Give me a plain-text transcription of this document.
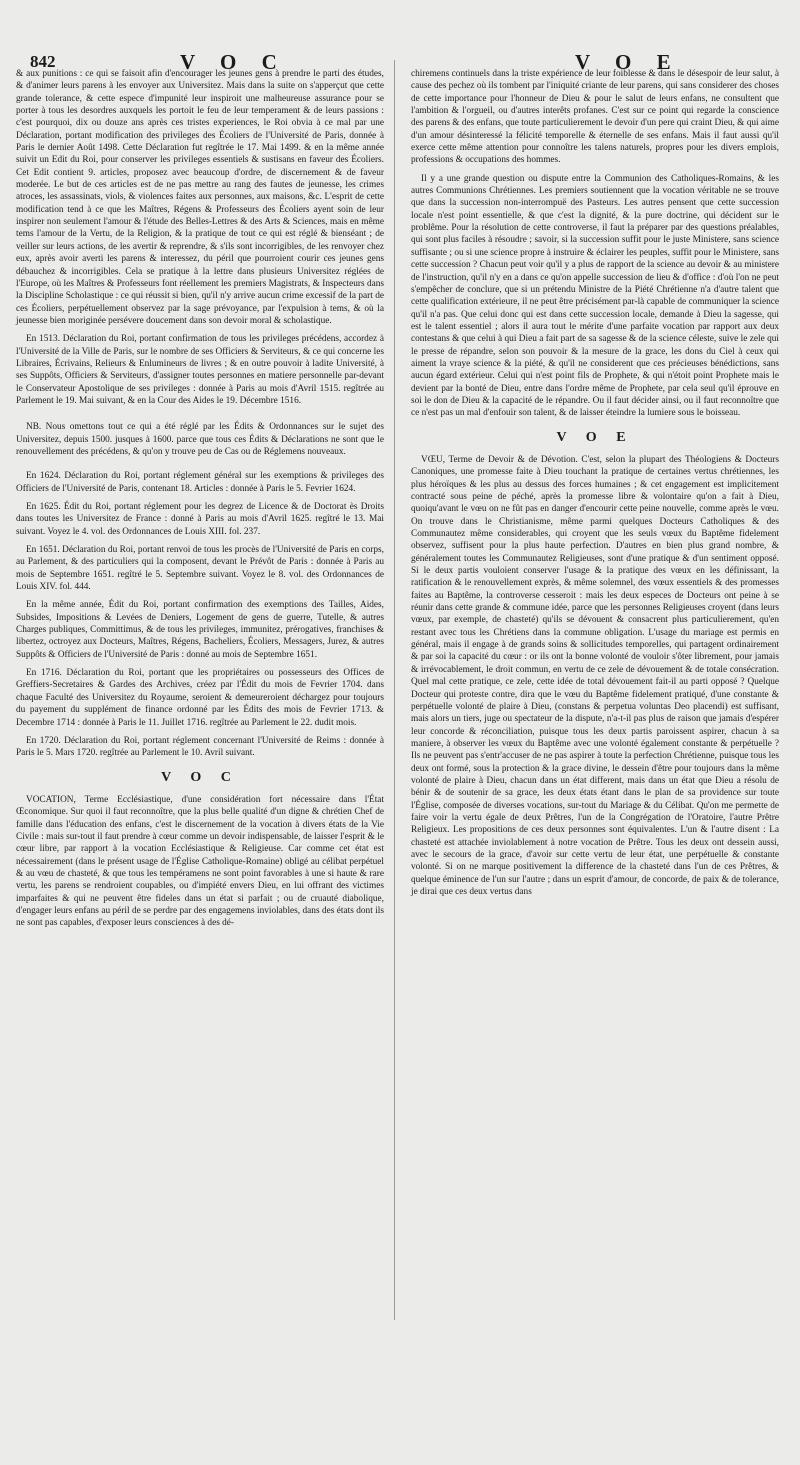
842	V O C	V O E

& aux punitions : ce qui se faisoit afin d'encourager les jeunes gens à prendre le parti des études, & d'animer leurs parens à les envoyer aux Universitez. Mais dans la suite on s'apperçut que cette grande tolerance, & cette espece d'impunité leur inspiroit une malheureuse assurance pour se porter à tous les desordres auxquels les portoit le feu de leur temperament & de leurs passions : c'est pourquoi, dix ou douze ans après ces tristes experiences, le Roi obvia à ce mal par une Déclaration, portant modification des privileges des Écoliers de l'Université de Paris, donnée à Paris le dernier Août 1498. Cette Déclaration fut regîtrée le 17. Mai 1499. & en la même année suivit un Edit du Roi, pour conserver les privileges essentiels & sustisans en faveur des Écoliers. Cet Edit contient 9. articles, proposez avec beaucoup d'ordre, de discernement & de faveur moderée. Le but de ces articles est de ne pas mettre au rang des fautes de jeunesse, les crimes atroces, les assassinats, viols, & violences faites aux personnes, aux maisons, &c. L'esprit de cette modification tend à ce que les Maîtres, Régens & Professeurs des Écoliers ayent soin de leur inspirer non seulement l'amour & l'étude des Belles-Lettres & des Arts & Sciences, mais en même tems l'amour de la Vertu, de la Religion, & la pratique de tout ce qui est réglé & bienséant ; de veiller sur leurs actions, de les avertir & reprendre, & s'ils sont incorrigibles, de les renvoyer chez eux, après avoir averti les parens & interessez, du péril que pourroient courir ces jeunes gens débauchez & incorrigibles. Cela se pratique à la lettre dans plusieurs Universitez réglées de l'Europe, où les Maîtres & Professeurs font réellement les premiers Magistrats, & Inspecteurs dans la Discipline Scholastique : ce qui réussit si bien, qu'il n'y arrive aucun crime excessif de la part de ces Écoliers, perpétuellement observez par la sage prévoyance, par l'expulsion à tems, & où la jeunesse bien moriginée persévere doucement dans son devoir moral & scholastique.

En 1513. Déclaration du Roi, portant confirmation de tous les privileges précédens, accordez à l'Université de la Ville de Paris, sur le nombre de ses Officiers & Serviteurs, & ce qui concerne les Libraires, Écrivains, Relieurs & Enlumineurs de livres ; & en outre pouvoir à ladite Université, à ses Suppôts, Officiers & Serviteurs, d'assigner toutes personnes en matiere personnelle par-devant le Conservateur Apostolique de ses privileges : donnée à Paris au mois d'Avril 1515. regîtrée au Parlement le 19. Mai suivant, & en la Cour des Aides le 19. Décembre 1516.

NB. Nous omettons tout ce qui a été réglé par les Édits & Ordonnances sur le sujet des Universitez, depuis 1500. jusques à 1600. parce que tous ces Édits & Déclarations ne sont que le renouvellement des précédens, & qu'on y trouve peu de Cas ou de Réglemens nouveaux.

En 1624. Déclaration du Roi, portant réglement général sur les exemptions & privileges des Officiers de l'Université de Paris, contenant 18. Articles : donnée à Paris le 5. Fevrier 1624.

En 1625. Édit du Roi, portant réglement pour les degrez de Licence & de Doctorat ès Droits dans toutes les Universitez de France : donné à Paris au mois d'Avril 1625. regîtré le 13. Mai suivant. Voyez le 4. vol. des Ordonnances de Louis XIII. fol. 237.

En 1651. Déclaration du Roi, portant renvoi de tous les procès de l'Université de Paris en corps, au Parlement, & des particuliers qui la composent, devant le Prévôt de Paris : donnée à Paris au mois de Septembre 1651. regîtré le 5. Septembre suivant. Voyez le 8. vol. des Ordonnances de Louis XIV. fol. 444.

En la même année, Édit du Roi, portant confirmation des exemptions des Tailles, Aides, Subsides, Impositions & Levées de Deniers, Logement de gens de guerre, Tutelle, & autres Charges publiques, Committimus, & de tous les privileges, immunitez, prérogatives, franchises & libertez, octroyez aux Docteurs, Maîtres, Régens, Bacheliers, Écoliers, Messagers, Jurez, & autres Suppôts & Officiers de l'Université de Paris : donné au mois de Septembre 1651.

En 1716. Déclaration du Roi, portant que les propriétaires ou possesseurs des Offices de Greffiers-Secretaires & Gardes des Archives, créez par l'Édit du mois de Fevrier 1704. dans chaque Faculté des Universitez du Royaume, seroient & demeureroient déchargez pour toujours du payement du supplément de finance ordonné par les Édits des mois de Fevrier 1713. & Decembre 1714 : donnée à Paris le 11. Juillet 1716. regîtrée au Parlement le 22. dudit mois.

En 1720. Déclaration du Roi, portant réglement concernant l'Université de Reims : donnée à Paris le 5. Mars 1720. regîtrée au Parlement le 10. Avril suivant.

V O C

VOCATION, Terme Ecclésiastique, d'une considération fort nécessaire dans l'État Œconomique. Sur quoi il faut reconnoître, que la plus belle qualité d'un digne & chrétien Chef de famille dans l'éducation des enfans, c'est le discernement de la vocation à divers états de la Vie Civile : mais sur-tout il faut prendre à cœur comme un devoir indispensable, de laisser l'esprit & le cœur libre, par rapport à la vocation Ecclésiastique & Religieuse. Car comme cet état est nécessairement (dans le présent usage de l'Église Catholique-Romaine) obligé au célibat perpétuel & au vœu de chasteté, & que tous les tempéramens ne sont point favorables à une si haute & rare vertu, les parens se rendroient coupables, ou d'impiété envers Dieu, en lui offrant des victimes imparfaites & qui ne peuvent être fideles dans un état si parfait ; ou de cruauté diabolique, d'engager leurs enfans au péril de se perdre par des engagemens inviolables, dans des états dont ils ne sont pas capables, d'exposer leurs consciences à des dé-

chiremens continuels dans la triste expérience de leur foiblesse & dans le désespoir de leur salut, à cause des pechez où ils tombent par l'iniquité criante de leur parens, qui sans considerer des choses de cette importance pour l'honneur de Dieu & pour le salut de leurs enfans, ne consultent que l'ambition & l'orgueil, ou d'autres interêts profanes. C'est sur ce point qui regarde la conscience des parens & des enfans, que toute particulierement le devoir d'un pere qui craint Dieu, & qui aime d'un amour désinteressé la félicité temporelle & éternelle de ses enfans. Mais il faut aussi qu'il exerce cette même attention pour connoître les talens naturels, propres pour les divers emplois, professions & occupations des hommes.

Il y a une grande question ou dispute entre la Communion des Catholiques-Romains, & les autres Communions Chrétiennes. Les premiers soutiennent que la vocation véritable ne se trouve que dans la succession non-interrompuë des Pasteurs. Les autres pensent que cette succession locale n'est point essentielle, & que c'est la dignité, & la pure doctrine, qui décident sur le problême. Pour la résolution de cette controverse, il faut la préparer par des questions préalables, qui sont plus faciles à résoudre ; savoir, si la succession suffit pour le juste Ministere, sans science suffisante ; ou si une science propre à instruire & éclairer les peuples, suffit pour le Ministere, sans cette succession ? Chacun peut voir qu'il y a plus de rapport de la science au devoir & au ministere de l'instruction, qu'il n'y en a dans ce qu'on appelle succession de lieu & d'office : d'où l'on ne peut s'empêcher de conclure, que si un prétendu Ministre de la Piété Chrétienne n'a d'autre talent que cette qualification extérieure, il ne peut être précisément par-là capable de communiquer la science qu'il n'a pas. Que celui donc qui est dans cette succession locale, demande à Dieu la sagesse, qui est le talent essentiel ; alors il aura tout le mérite d'une parfaite vocation par rapport aux deux contestans & que celui à qui Dieu a fait part de sa sagesse & de la science céleste, suive le zele qui le presse de répandre, selon son pouvoir & la mesure de la grace, les dons du Ciel à ceux qui aiment la vraye science & la piété, & qu'il ne considerent que ces précieuses bénédictions, sans aucun égard extérieur. Celui qui n'est point fils de Prophete, & qui n'étoit point Prophete mais le devient par la bonté de Dieu, entre dans l'ordre même de Prophete, par cela seul qu'il éprouve en soi le don de Dieu & la capacité de le répandre. Ou il faut décider ainsi, ou il faut reconnoître que ce n'est pas un mal d'enfouir son talent, & de laisser éteindre la lumiere sous le boisseau.

V O E

VŒU, Terme de Devoir & de Dévotion. C'est, selon la plupart des Théologiens & Docteurs Canoniques, une promesse faite à Dieu touchant la pratique de certaines vertus chrétiennes, les plus héroïques & les plus au dessus des forces humaines ; & cet engagement est implicitement contracté sous peine de péché, après la promesse libre & volontaire qu'on a fait à Dieu, quoiqu'avant le vœu on ne fût pas en danger d'encourir cette peine nouvelle, comme après le vœu. On trouve dans le Christianisme, même parmi quelques Docteurs Catholiques & des Communautez même considerables, qui croyent que les seuls vœux du Baptême fidelement observez, suffisent pour la plus haute perfection. D'autres en bien plus grand nombre, & généralement toutes les Communautez Religieuses, sont d'une pratique & d'un sentiment opposé. Si le deux partis vouloient conserver l'usage & la pratique des vœux en les définissant, la ratification & le renouvellement exprès, & même solemnel, des vœux essentiels & des promesses faites au Baptême, la controverse cesseroit : mais les deux especes de Docteurs ont peine à se réunir dans cette grande & commune idée, parce que les personnes Religieuses croyent (dans leurs vœux, par exemple, de chasteté) qu'ils se dévouent & consacrent plus particulierement, qu'en restant avec tous les Chrétiens dans la commune obligation. L'usage du mariage est permis en général, mais il engage à de grands soins & sollicitudes temporelles, qui partagent ordinairement & par soi la capacité du cœur : or ils ont la bonne volonté de vouloir s'ôter librement, pour jamais & irrévocablement, le droit commun, en vertu de ce zele de dévouement & de totale consécration. Quel mal cette pratique, ce zele, cette idée de total dévouement fait-il au parti opposé ? Quelque Docteur qui proteste contre, dira que le vœu du Baptême fidelement pratiqué, d'une constante & perpétuelle volonté de plaire à Dieu, (constans & perpetua voluntas Deo placendi) est suffisant, mais alors un tiers, juge ou spectateur de la dispute, n'a-t-il pas plus de raison que jamais d'espérer leur concorde & réconciliation, puisque tous les deux partis paroissent aspirer, chacun à sa maniere, à observer les vœux du Baptême avec une volonté également constante & perpétuelle ? Ils ne peuvent pas s'entr'accuser de ne pas aspirer à toute la perfection Chrétienne, puisque tous les deux ont formé, sous la protection & la grace divine, le dessein d'être pour toujours dans la même volonté de plaire à Dieu, chacun dans un état different, mais dans un état que Dieu a résolu de bénir & de soutenir de sa grace, les deux états étant dans le plan de sa providence sur toute l'Église, composée de diverses vocations, sur-tout du Mariage & du Célibat. Qu'on me permette de faire voir la vertu égale de deux Prêtres, l'un de la Congrégation de l'Oratoire, l'autre Prêtre Religieux. Les propositions de ces deux personnes sont équivalentes. L'un & l'autre disent : La chasteté est attachée inviolablement à notre vocation de Prêtre. Tous les deux ont dessein aussi, avec le secours de la grace, d'avoir sur cette vertu de leur état, une perpétuelle & constante volonté. Si on ne marque positivement la difference de la chasteté dans l'un de ces Prêtres, & quelque éminence de l'un sur l'autre ; dans un esprit d'amour, de concorde, de paix & de tolerance, je dirai que ces deux vertus dans
